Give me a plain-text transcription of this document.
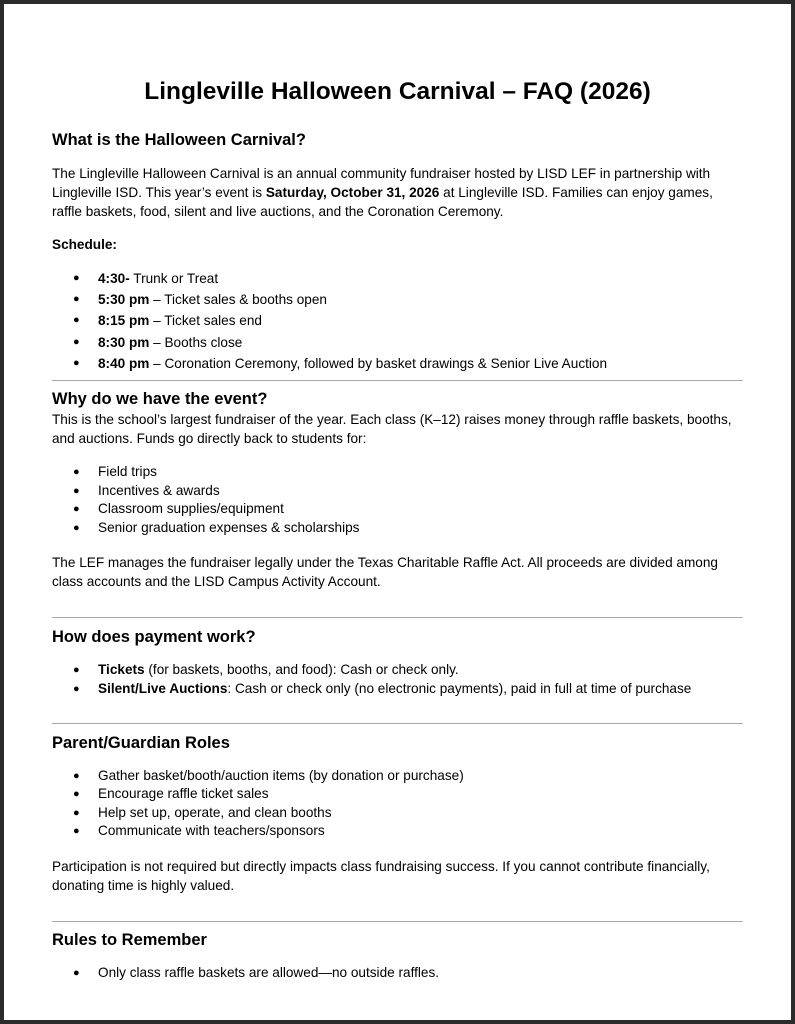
Lingleville Halloween Carnival – FAQ (2026)
What is the Halloween Carnival?

The Lingleville Halloween Carnival is an annual community fundraiser hosted by LISD LEF in partnership with Lingleville ISD. This year’s event is Saturday, October 31, 2026 at Lingleville ISD. Families can enjoy games, raffle baskets, food, silent and live auctions, and the Coronation Ceremony.

Schedule:
● 4:30- Trunk or Treat
● 5:30 pm – Ticket sales & booths open
● 8:15 pm – Ticket sales end
● 8:30 pm – Booths close
● 8:40 pm – Coronation Ceremony, followed by basket drawings & Senior Live Auction
Why do we have the event?

This is the school’s largest fundraiser of the year. Each class (K–12) raises money through raffle baskets, booths, and auctions. Funds go directly back to students for:

● Field trips
● Incentives & awards
● Classroom supplies/equipment
● Senior graduation expenses & scholarships

The LEF manages the fundraiser legally under the Texas Charitable Raffle Act. All proceeds are divided among class accounts and the LISD Campus Activity Account.

How does payment work?
● Tickets (for baskets, booths, and food): Cash or check only.
● Silent/Live Auctions: Cash or check only (no electronic payments), paid in full at time of purchase
Parent/Guardian Roles
● Gather basket/booth/auction items (by donation or purchase)
● Encourage raffle ticket sales
● Help set up, operate, and clean booths
● Communicate with teachers/sponsors

Participation is not required but directly impacts class fundraising success. If you cannot contribute financially, donating time is highly valued.

Rules to Remember
● Only class raffle baskets are allowed—no outside raffles.
